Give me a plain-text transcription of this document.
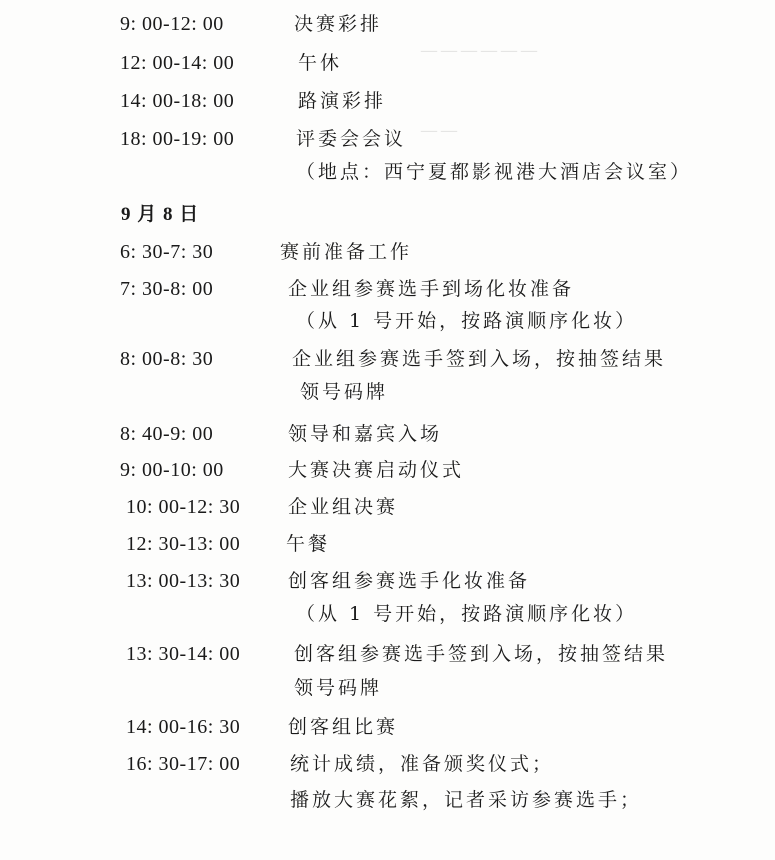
——————
——
9: 00-12: 00	决赛彩排
12: 00-14: 00	午休
14: 00-18: 00	路演彩排
18: 00-19: 00	评委会会议
（地点：西宁夏都影视港大酒店会议室）
9 月 8 日
6: 30-7: 30	赛前准备工作
7: 30-8: 00	企业组参赛选手到场化妆准备
（从 1 号开始，按路演顺序化妆）
8: 00-8: 30	企业组参赛选手签到入场，按抽签结果
领号码牌
8: 40-9: 00	领导和嘉宾入场
9: 00-10: 00	大赛决赛启动仪式
10: 00-12: 30	企业组决赛
12: 30-13: 00 午餐
13: 00-13: 30	创客组参赛选手化妆准备
（从 1 号开始，按路演顺序化妆）
13: 30-14: 00	创客组参赛选手签到入场，按抽签结果
领号码牌
14: 00-16: 30	创客组比赛
16: 30-17: 00	统计成绩，准备颁奖仪式；
播放大赛花絮，记者采访参赛选手；
